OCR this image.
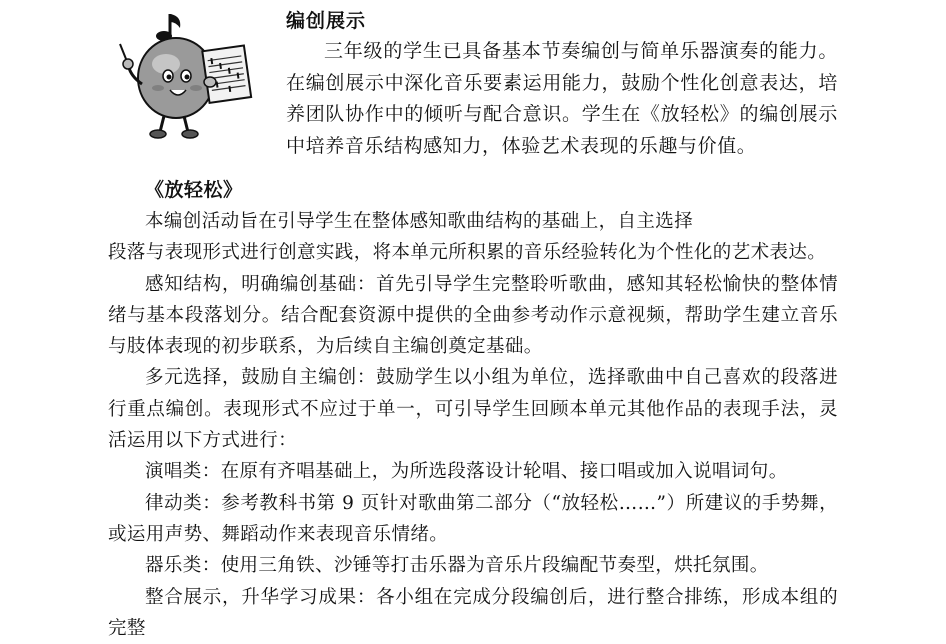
编创展示

三年级的学生已具备基本节奏编创与简单乐器演奏的能力。在编创展示中深化音乐要素运用能力，鼓励个性化创意表达，培养团队协作中的倾听与配合意识。学生在《放轻松》的编创展示中培养音乐结构感知力，体验艺术表现的乐趣与价值。

《放轻松》

本编创活动旨在引导学生在整体感知歌曲结构的基础上，自主选择

段落与表现形式进行创意实践，将本单元所积累的音乐经验转化为个性化的艺术表达。

感知结构，明确编创基础：首先引导学生完整聆听歌曲，感知其轻松愉快的整体情绪与基本段落划分。结合配套资源中提供的全曲参考动作示意视频，帮助学生建立音乐与肢体表现的初步联系，为后续自主编创奠定基础。

多元选择，鼓励自主编创：鼓励学生以小组为单位，选择歌曲中自己喜欢的段落进行重点编创。表现形式不应过于单一，可引导学生回顾本单元其他作品的表现手法，灵活运用以下方式进行：

演唱类：在原有齐唱基础上，为所选段落设计轮唱、接口唱或加入说唱词句。

律动类：参考教科书第 9 页针对歌曲第二部分（“放轻松……”）所建议的手势舞，或运用声势、舞蹈动作来表现音乐情绪。

器乐类：使用三角铁、沙锤等打击乐器为音乐片段编配节奏型，烘托氛围。

整合展示，升华学习成果：各小组在完成分段编创后，进行整合排练，形成本组的完整
